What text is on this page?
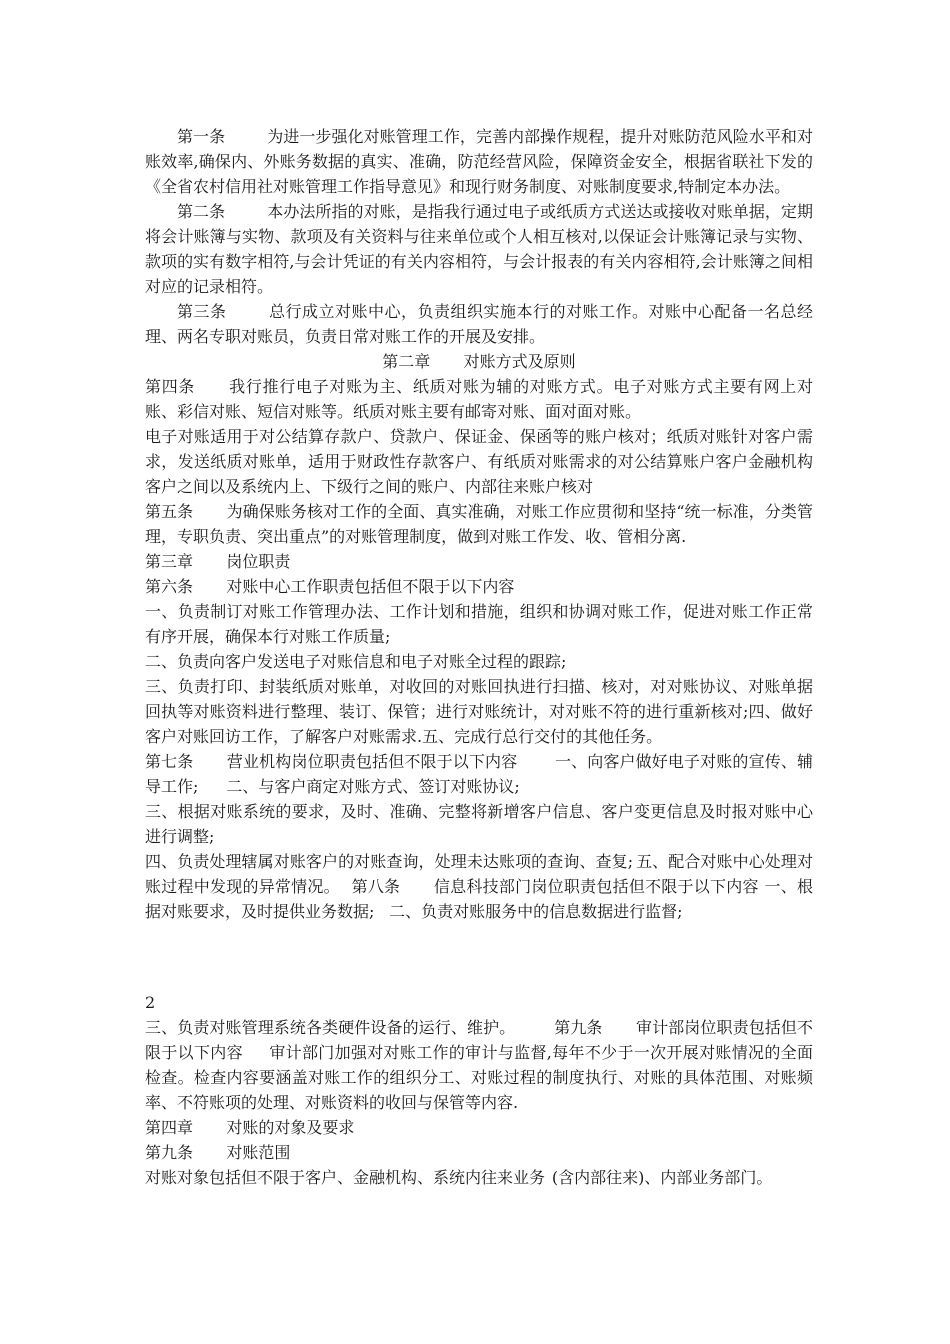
第一条	为进一步强化对账管理工作，完善内部操作规程，提升对账防范风险水平和对账效率,确保内、外账务数据的真实、准确，防范经营风险，保障资金安全，根据省联社下发的《全省农村信用社对账管理工作指导意见》和现行财务制度、对账制度要求,特制定本办法。

第二条	本办法所指的对账，是指我行通过电子或纸质方式送达或接收对账单据，定期将会计账簿与实物、款项及有关资料与往来单位或个人相互核对,以保证会计账簿记录与实物、款项的实有数字相符,与会计凭证的有关内容相符，与会计报表的有关内容相符,会计账簿之间相对应的记录相符。

第三条	总行成立对账中心，负责组织实施本行的对账工作。对账中心配备一名总经理、两名专职对账员，负责日常对账工作的开展及安排。

第二章	对账方式及原则

第四条	我行推行电子对账为主、纸质对账为辅的对账方式。电子对账方式主要有网上对账、彩信对账、短信对账等。纸质对账主要有邮寄对账、面对面对账。

电子对账适用于对公结算存款户、贷款户、保证金、保函等的账户核对；纸质对账针对客户需求，发送纸质对账单，适用于财政性存款客户、有纸质对账需求的对公结算账户客户金融机构客户之间以及系统内上、下级行之间的账户、内部往来账户核对

第五条	为确保账务核对工作的全面、真实准确，对账工作应贯彻和坚持“统一标准，分类管理，专职负责、突出重点”的对账管理制度，做到对账工作发、收、管相分离.

第三章	岗位职责

第六条	对账中心工作职责包括但不限于以下内容

一、负责制订对账工作管理办法、工作计划和措施，组织和协调对账工作，促进对账工作正常有序开展，确保本行对账工作质量;

二、负责向客户发送电子对账信息和电子对账全过程的跟踪;

三、负责打印、封装纸质对账单，对收回的对账回执进行扫描、核对，对对账协议、对账单据回执等对账资料进行整理、装订、保管；进行对账统计，对对账不符的进行重新核对;四、做好客户对账回访工作，了解客户对账需求.五、完成行总行交付的其他任务。

第七条	营业机构岗位职责包括但不限于以下内容	一、向客户做好电子对账的宣传、辅导工作;	二、与客户商定对账方式、签订对账协议;

三、根据对账系统的要求，及时、准确、完整将新增客户信息、客户变更信息及时报对账中心进行调整;

四、负责处理辖属对账客户的对账查询，处理未达账项的查询、查复;	五、配合对账中心处理对账过程中发现的异常情况。	第八条	信息科技部门岗位职责包括但不限于以下内容	一、根据对账要求，及时提供业务数据;	二、负责对账服务中的信息数据进行监督;

2

三、负责对账管理系统各类硬件设备的运行、维护。	第九条	审计部岗位职责包括但不限于以下内容	审计部门加强对对账工作的审计与监督,每年不少于一次开展对账情况的全面检查。检查内容要涵盖对账工作的组织分工、对账过程的制度执行、对账的具体范围、对账频率、不符账项的处理、对账资料的收回与保管等内容.

第四章	对账的对象及要求

第九条	对账范围

对账对象包括但不限于客户、金融机构、系统内往来业务	(含内部往来)、内部业务部门。
